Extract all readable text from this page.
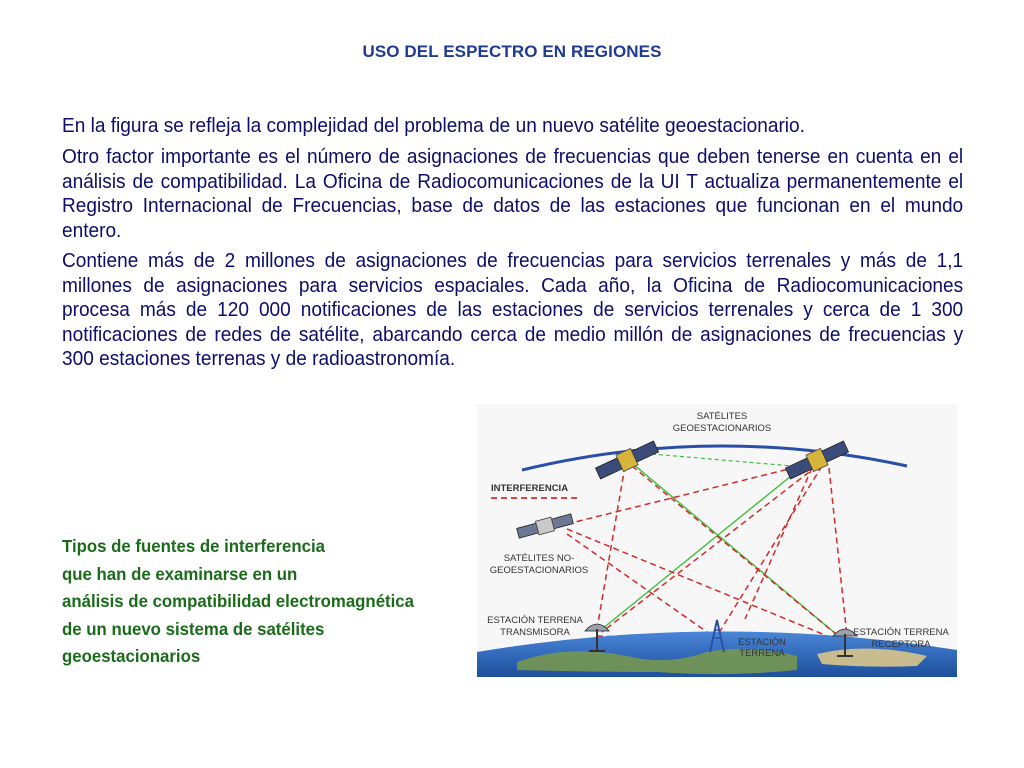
USO DEL ESPECTRO EN REGIONES
En la figura se refleja la complejidad del problema de un nuevo satélite geoestacionario.
Otro factor importante es el número de asignaciones de frecuencias que deben tenerse en cuenta en el análisis de compatibilidad. La Oficina de Radiocomunicaciones de la UI T actualiza permanentemente el Registro Internacional de Frecuencias, base de datos de las estaciones que funcionan en el mundo entero.
Contiene más de 2 millones de asignaciones de frecuencias para servicios terrenales y más de 1,1 millones de asignaciones para servicios espaciales. Cada año, la Oficina de Radiocomunicaciones procesa más de 120 000 notificaciones de las estaciones de servicios terrenales y cerca de 1 300 notificaciones de redes de satélite, abarcando cerca de medio millón de asignaciones de frecuencias y 300 estaciones terrenas y de radioastronomía.
Tipos de fuentes de interferencia
que han de examinarse en un
análisis de compatibilidad electromagnética
de un nuevo sistema de satélites
geoestacionarios
INTERFERENCIA
SATÉLITES
GEOESTACIONARIOS
SATÉLITES NO-
GEOESTACIONARIOS
ESTACIÓN TERRENA
TRANSMISORA
ESTACIÓN
TERRENA
ESTACIÓN TERRENA
RECEPTORA
